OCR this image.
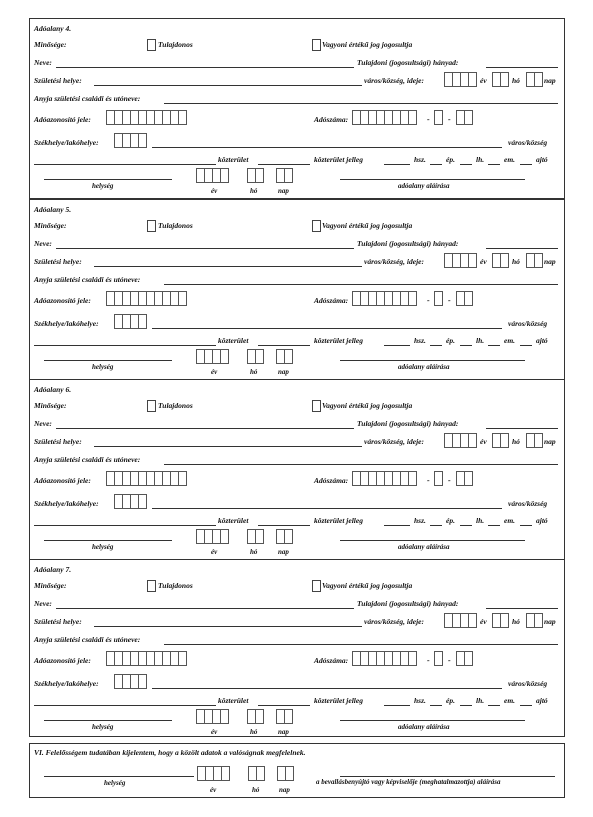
Adóalany 4.
Minősége:	Tulajdonos	Vagyoni értékű jog jogosultja
Neve:	Tulajdoni (jogosultsági) hányad:
Születési helye:	város/község, ideje:	év	hó	nap
Anyja születési családi és utóneve:
Adóazonosító jele:	Adószáma:	- -
Székhelye/lakóhelye:	város/község
közterület	közterület jelleg	hsz.	ép.	lh.	em.	ajtó
helység
év	hó	nap
adóalany aláírása
Adóalany 5.
Minősége:	Tulajdonos	Vagyoni értékű jog jogosultja
Neve:	Tulajdoni (jogosultsági) hányad:
Születési helye:	város/község, ideje:	év	hó	nap
Anyja születési családi és utóneve:
Adóazonosító jele:	Adószáma:	- -
Székhelye/lakóhelye:	város/község
közterület	közterület jelleg	hsz.	ép.	lh.	em.	ajtó
helység
év	hó	nap
adóalany aláírása
Adóalany 6.
Minősége:	Tulajdonos	Vagyoni értékű jog jogosultja
Neve:	Tulajdoni (jogosultsági) hányad:
Születési helye:	város/község, ideje:	év	hó	nap
Anyja születési családi és utóneve:
Adóazonosító jele:	Adószáma:	- -
Székhelye/lakóhelye:	város/község
közterület	közterület jelleg	hsz.	ép.	lh.	em.	ajtó
helység
év	hó	nap
adóalany aláírása
Adóalany 7.
Minősége:	Tulajdonos	Vagyoni értékű jog jogosultja
Neve:	Tulajdoni (jogosultsági) hányad:
Születési helye:	város/község, ideje:	év	hó	nap
Anyja születési családi és utóneve:
Adóazonosító jele:	Adószáma:	- -
Székhelye/lakóhelye:	város/község
közterület	közterület jelleg	hsz.	ép.	lh.	em.	ajtó
helység
év	hó	nap
adóalany aláírása
VI. Felelősségem tudatában kijelentem, hogy a közölt adatok a valóságnak megfelelnek.
helység
év	hó	nap
a bevallásbenyújtó vagy képviselője (meghatalmazottja) aláírása
